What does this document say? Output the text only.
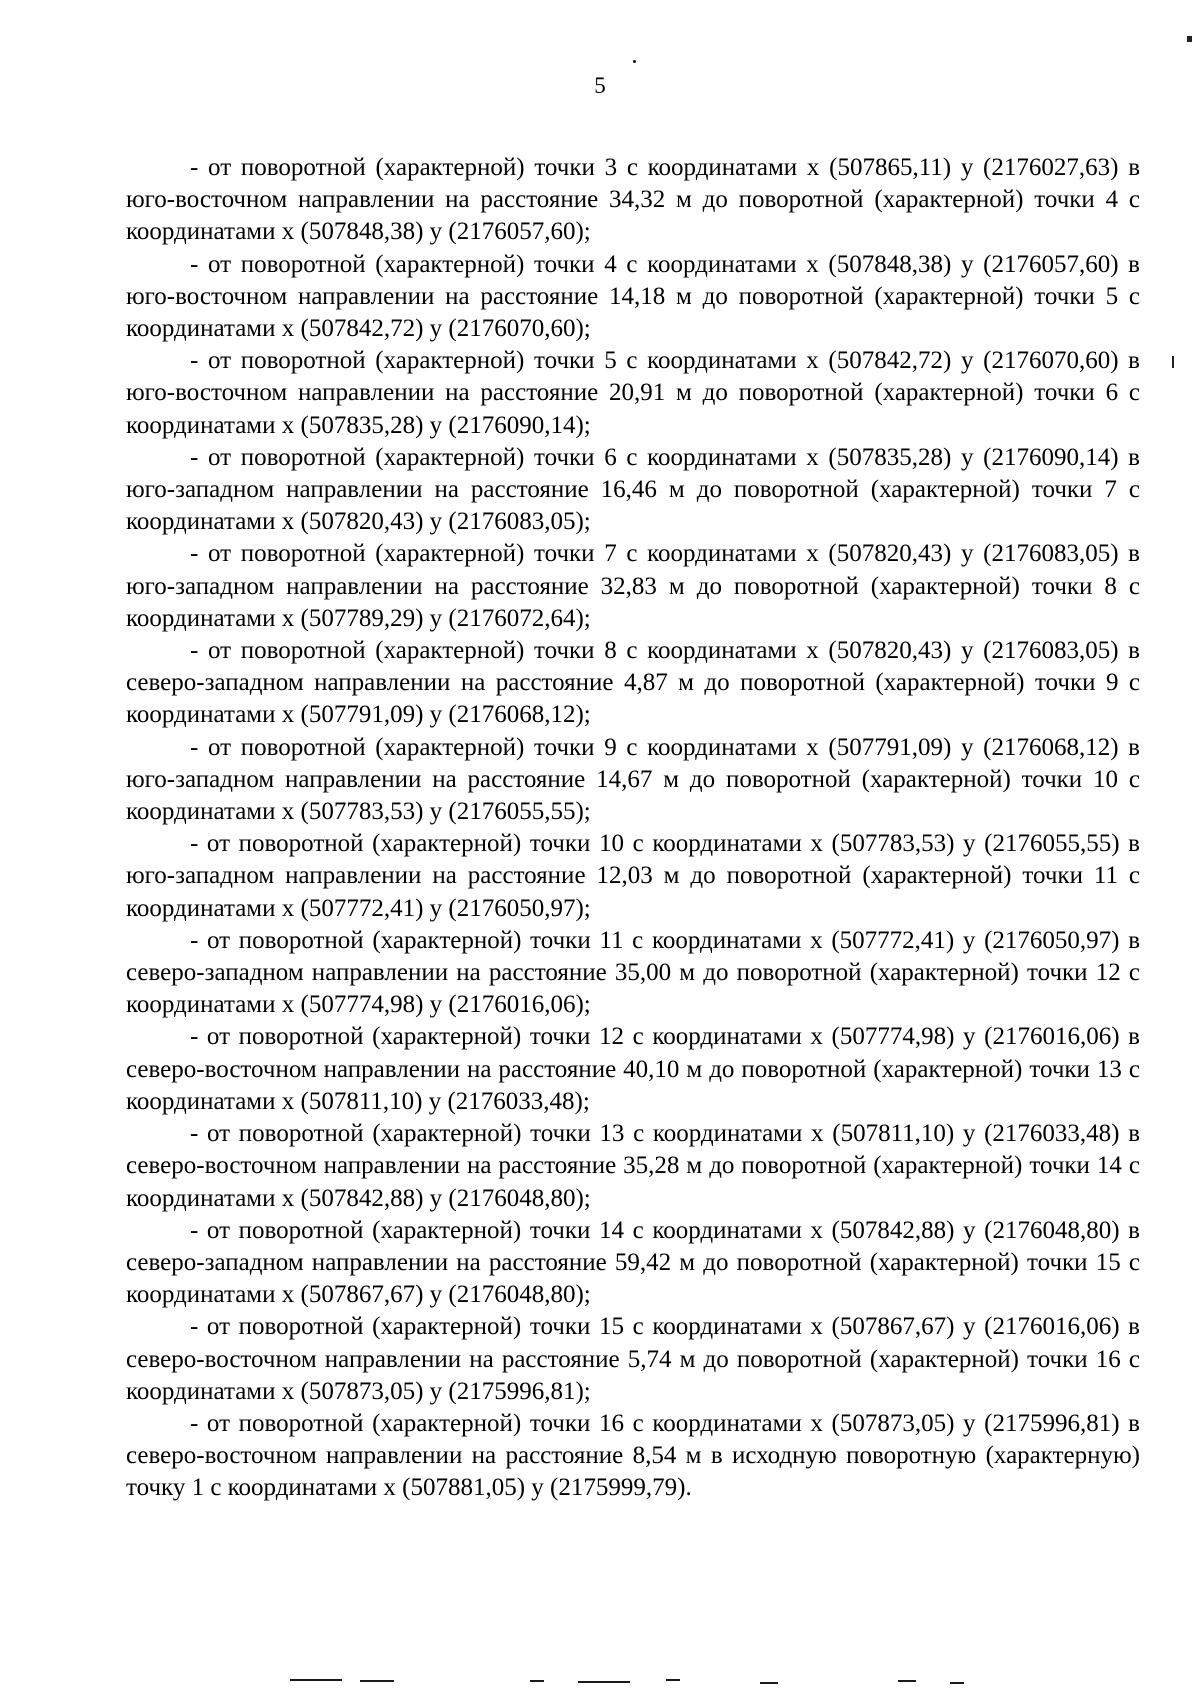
5

- от поворотной (характерной) точки 3 с координатами х (507865,11) у (2176027,63) в юго-восточном направлении на расстояние 34,32 м до поворотной (характерной) точки 4 с координатами х (507848,38) у (2176057,60);

- от поворотной (характерной) точки 4 с координатами х (507848,38) у (2176057,60) в юго-восточном направлении на расстояние 14,18 м до поворотной (характерной) точки 5 с координатами х (507842,72) у (2176070,60);

- от поворотной (характерной) точки 5 с координатами х (507842,72) у (2176070,60) в юго-восточном направлении на расстояние 20,91 м до поворотной (характерной) точки 6 с координатами х (507835,28) у (2176090,14);

- от поворотной (характерной) точки 6 с координатами х (507835,28) у (2176090,14) в юго-западном направлении на расстояние 16,46 м до поворотной (характерной) точки 7 с координатами х (507820,43) у (2176083,05);

- от поворотной (характерной) точки 7 с координатами х (507820,43) у (2176083,05) в юго-западном направлении на расстояние 32,83 м до поворотной (характерной) точки 8 с координатами х (507789,29) у (2176072,64);

- от поворотной (характерной) точки 8 с координатами х (507820,43) у (2176083,05) в северо-западном направлении на расстояние 4,87 м до поворотной (характерной) точки 9 с координатами х (507791,09) у (2176068,12);

- от поворотной (характерной) точки 9 с координатами х (507791,09) у (2176068,12) в юго-западном направлении на расстояние 14,67 м до поворотной (характерной) точки 10 с координатами х (507783,53) у (2176055,55);

- от поворотной (характерной) точки 10 с координатами х (507783,53) у (2176055,55) в юго-западном направлении на расстояние 12,03 м до поворотной (характерной) точки 11 с координатами х (507772,41) у (2176050,97);

- от поворотной (характерной) точки 11 с координатами х (507772,41) у (2176050,97) в северо-западном направлении на расстояние 35,00 м до поворотной (характерной) точки 12 с координатами х (507774,98) у (2176016,06);

- от поворотной (характерной) точки 12 с координатами х (507774,98) у (2176016,06) в северо-восточном направлении на расстояние 40,10 м до поворотной (характерной) точки 13 с координатами х (507811,10) у (2176033,48);

- от поворотной (характерной) точки 13 с координатами х (507811,10) у (2176033,48) в северо-восточном направлении на расстояние 35,28 м до поворотной (характерной) точки 14 с координатами х (507842,88) у (2176048,80);

- от поворотной (характерной) точки 14 с координатами х (507842,88) у (2176048,80) в северо-западном направлении на расстояние 59,42 м до поворотной (характерной) точки 15 с координатами х (507867,67) у (2176048,80);

- от поворотной (характерной) точки 15 с координатами х (507867,67) у (2176016,06) в северо-восточном направлении на расстояние 5,74 м до поворотной (характерной) точки 16 с координатами х (507873,05) у (2175996,81);

- от поворотной (характерной) точки 16 с координатами х (507873,05) у (2175996,81) в северо-восточном направлении на расстояние 8,54 м в исходную поворотную (характерную) точку 1 с координатами х (507881,05) у (2175999,79).
